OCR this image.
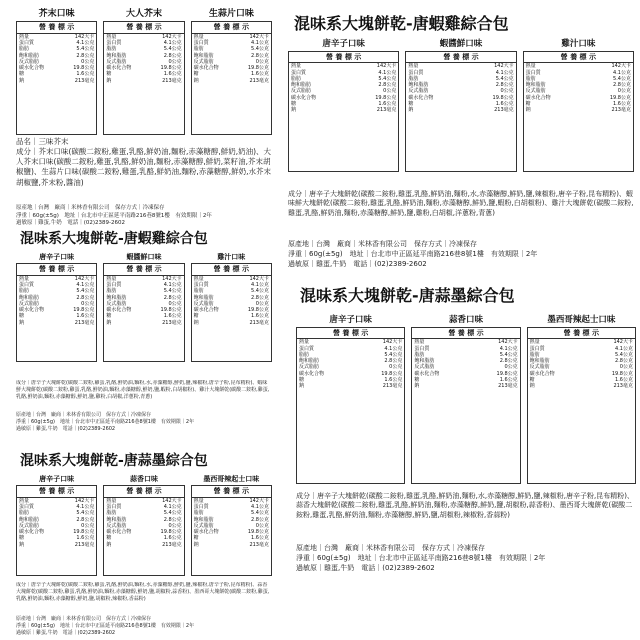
芥末口味
營 養 標 示
熱量	142大卡
蛋白質	4.1公克
脂肪	5.4公克
飽和脂肪	2.8公克
反式脂肪	0公克
碳水化合物	19.8公克
糖	1.6公克
鈉	213毫克
大人芥末
營 養 標 示
熱量	142大卡
蛋白質	4.1公克
脂肪	5.4公克
飽和脂肪	2.8公克
反式脂肪	0公克
碳水化合物	19.8公克
糖	1.6公克
鈉	213毫克
生蒜片口味
營 養 標 示
熱量	142大卡
蛋白質	4.1公克
脂肪	5.4公克
飽和脂肪	2.8公克
反式脂肪	0公克
碳水化合物	19.8公克
糖	1.6公克
鈉	213毫克
品名｜三味芥末
成分｜芥末口味(碳酸二銨粉,雞蛋,乳酪,鮮奶油,麵粉,赤藻糖醇,鮮奶,奶油)、大人芥末口味(碳酸二銨粉,雞蛋,乳酪,鮮奶油,麵粉,赤藻糖醇,鮮奶,菜籽油,芥末胡椒鹽)、生蒜片口味(碳酸二銨粉,雞蛋,乳酪,鮮奶油,麵粉,赤藻糖醇,鮮奶,水芥末胡椒鹽,芥末粉,醬油)
原產地｜台灣　廠商｜米林香有限公司　保存方式｜冷凍保存
淨重｜60g(±5g)　地址｜台北市中正區延平南路216巷8號1樓　有效期限｜2年
過敏原｜雞蛋,牛奶　電話｜(02)2389-2602
混味系大塊餅乾-唐蝦雞綜合包
唐辛子口味
營 養 標 示
熱量	142大卡
蛋白質	4.1公克
脂肪	5.4公克
飽和脂肪	2.8公克
反式脂肪	0公克
碳水化合物	19.8公克
糖	1.6公克
鈉	213毫克
蝦醬鮮口味
營 養 標 示
熱量	142大卡
蛋白質	4.1公克
脂肪	5.4公克
飽和脂肪	2.8公克
反式脂肪	0公克
碳水化合物	19.8公克
糖	1.6公克
鈉	213毫克
雞汁口味
營 養 標 示
熱量	142大卡
蛋白質	4.1公克
脂肪	5.4公克
飽和脂肪	2.8公克
反式脂肪	0公克
碳水化合物	19.8公克
糖	1.6公克
鈉	213毫克
成分｜唐辛子大塊餅乾(碳酸二銨粉,雞蛋,乳酪,鮮奶油,麵粉,水,赤藻糖醇,鮮奶,鹽,辣椒粉,唐辛子粉,昆布精粉)、蝦味鮮大塊餅乾(碳酸二銨粉,雞蛋,乳酪,鮮奶油,麵粉,赤藻糖醇,鮮奶,鹽,蝦粉,白胡椒粉)、雞汁大塊餅乾(碳酸二銨粉,雞蛋,乳酪,鮮奶油,麵粉,赤藻糖醇,鮮奶,鹽,雞粉,白胡椒,洋蔥粉,青蔥)
原產地｜台灣　廠商｜米林香有限公司　保存方式｜冷凍保存
淨重｜60g(±5g)　地址｜台北市中正區延平南路216巷8號1樓　有效期限｜2年
過敏原｜雞蛋,牛奶　電話｜(02)2389-2602
混味系大塊餅乾-唐蝦雞綜合包
唐辛子口味
營 養 標 示
熱量	142大卡
蛋白質	4.1公克
脂肪	5.4公克
飽和脂肪	2.8公克
反式脂肪	0公克
碳水化合物	19.8公克
糖	1.6公克
鈉	213毫克
蝦醬鮮口味
營 養 標 示
熱量	142大卡
蛋白質	4.1公克
脂肪	5.4公克
飽和脂肪	2.8公克
反式脂肪	0公克
碳水化合物	19.8公克
糖	1.6公克
鈉	213毫克
雞汁口味
營 養 標 示
熱量	142大卡
蛋白質	4.1公克
脂肪	5.4公克
飽和脂肪	2.8公克
反式脂肪	0公克
碳水化合物	19.8公克
糖	1.6公克
鈉	213毫克
成分｜唐辛子大塊餅乾(碳酸二銨粉,雞蛋,乳酪,鮮奶油,麵粉,水,赤藻糖醇,鮮奶,鹽,辣椒粉,唐辛子粉,昆布精粉)、蝦味鮮大塊餅乾(碳酸二銨粉,雞蛋,乳酪,鮮奶油,麵粉,赤藻糖醇,鮮奶,鹽,蝦粉,白胡椒粉)、雞汁大塊餅乾(碳酸二銨粉,雞蛋,乳酪,鮮奶油,麵粉,赤藻糖醇,鮮奶,鹽,雞粉,白胡椒,洋蔥粉,青蔥)
原產地｜台灣　廠商｜米林香有限公司　保存方式｜冷凍保存
淨重｜60g(±5g)　地址｜台北市中正區延平南路216巷8號1樓　有效期限｜2年
過敏原｜雞蛋,牛奶　電話｜(02)2389-2602
混味系大塊餅乾-唐蒜墨綜合包
唐辛子口味
營 養 標 示
熱量	142大卡
蛋白質	4.1公克
脂肪	5.4公克
飽和脂肪	2.8公克
反式脂肪	0公克
碳水化合物	19.8公克
糖	1.6公克
鈉	213毫克
蒜香口味
營 養 標 示
熱量	142大卡
蛋白質	4.1公克
脂肪	5.4公克
飽和脂肪	2.8公克
反式脂肪	0公克
碳水化合物	19.8公克
糖	1.6公克
鈉	213毫克
墨西哥辣起士口味
營 養 標 示
熱量	142大卡
蛋白質	4.1公克
脂肪	5.4公克
飽和脂肪	2.8公克
反式脂肪	0公克
碳水化合物	19.8公克
糖	1.6公克
鈉	213毫克
成分｜唐辛子大塊餅乾(碳酸二銨粉,雞蛋,乳酪,鮮奶油,麵粉,水,赤藻糖醇,鮮奶,鹽,辣椒粉,唐辛子粉,昆布精粉)、蒜香大塊餅乾(碳酸二銨粉,雞蛋,乳酪,鮮奶油,麵粉,赤藻糖醇,鮮奶,鹽,胡椒粉,蒜香粉)、墨西哥大塊餅乾(碳酸二銨粉,雞蛋,乳酪,鮮奶油,麵粉,赤藻糖醇,鮮奶,鹽,胡椒粉,辣椒粉,香蒜粉)
原產地｜台灣　廠商｜米林香有限公司　保存方式｜冷凍保存
淨重｜60g(±5g)　地址｜台北市中正區延平南路216巷8號1樓　有效期限｜2年
過敏原｜雞蛋,牛奶　電話｜(02)2389-2602
混味系大塊餅乾-唐蒜墨綜合包
唐辛子口味
營 養 標 示
熱量	142大卡
蛋白質	4.1公克
脂肪	5.4公克
飽和脂肪	2.8公克
反式脂肪	0公克
碳水化合物	19.8公克
糖	1.6公克
鈉	213毫克
蒜香口味
營 養 標 示
熱量	142大卡
蛋白質	4.1公克
脂肪	5.4公克
飽和脂肪	2.8公克
反式脂肪	0公克
碳水化合物	19.8公克
糖	1.6公克
鈉	213毫克
墨西哥辣起士口味
營 養 標 示
熱量	142大卡
蛋白質	4.1公克
脂肪	5.4公克
飽和脂肪	2.8公克
反式脂肪	0公克
碳水化合物	19.8公克
糖	1.6公克
鈉	213毫克
成分｜唐辛子大塊餅乾(碳酸二銨粉,雞蛋,乳酪,鮮奶油,麵粉,水,赤藻糖醇,鮮奶,鹽,辣椒粉,唐辛子粉,昆布精粉)、蒜香大塊餅乾(碳酸二銨粉,雞蛋,乳酪,鮮奶油,麵粉,赤藻糖醇,鮮奶,鹽,胡椒粉,蒜香粉)、墨西哥大塊餅乾(碳酸二銨粉,雞蛋,乳酪,鮮奶油,麵粉,赤藻糖醇,鮮奶,鹽,胡椒粉,辣椒粉,香蒜粉)
原產地｜台灣　廠商｜米林香有限公司　保存方式｜冷凍保存
淨重｜60g(±5g)　地址｜台北市中正區延平南路216巷8號1樓　有效期限｜2年
過敏原｜雞蛋,牛奶　電話｜(02)2389-2602
